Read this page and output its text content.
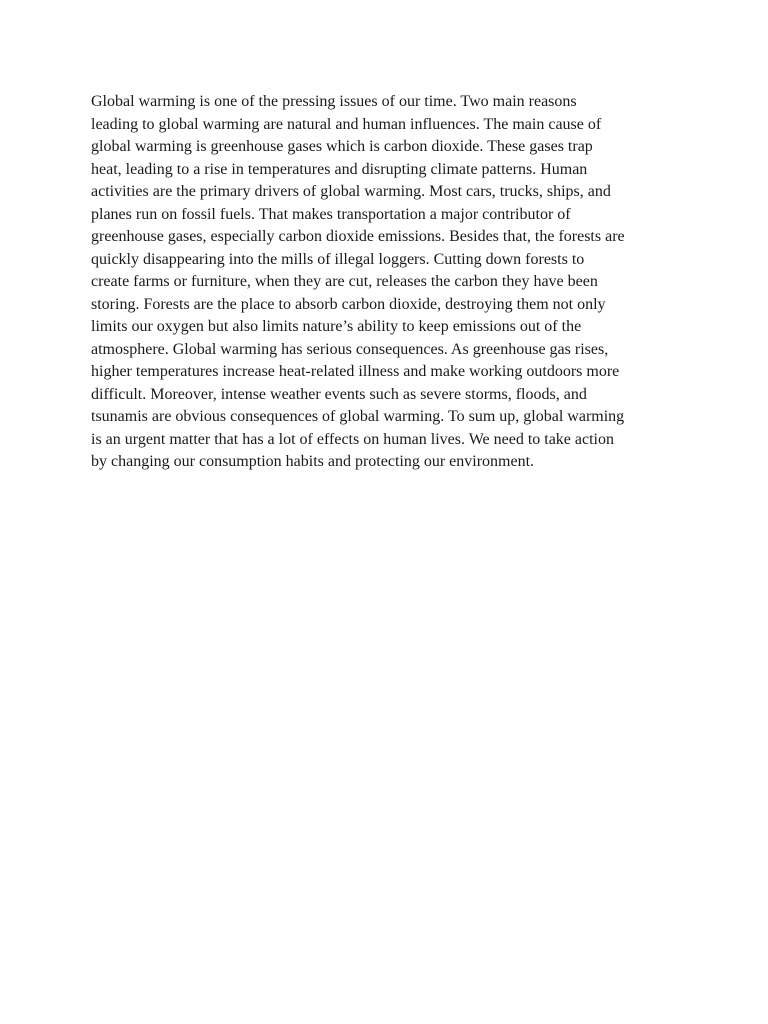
Global warming is one of the pressing issues of our time. Two main reasons
leading to global warming are natural and human influences. The main cause of
global warming is greenhouse gases which is carbon dioxide. These gases trap
heat, leading to a rise in temperatures and disrupting climate patterns. Human
activities are the primary drivers of global warming. Most cars, trucks, ships, and
planes run on fossil fuels. That makes transportation a major contributor of
greenhouse gases, especially carbon dioxide emissions. Besides that, the forests are
quickly disappearing into the mills of illegal loggers. Cutting down forests to
create farms or furniture, when they are cut, releases the carbon they have been
storing. Forests are the place to absorb carbon dioxide, destroying them not only
limits our oxygen but also limits nature’s ability to keep emissions out of the
atmosphere. Global warming has serious consequences. As greenhouse gas rises,
higher temperatures increase heat-related illness and make working outdoors more
difficult. Moreover, intense weather events such as severe storms, floods, and
tsunamis are obvious consequences of global warming. To sum up, global warming
is an urgent matter that has a lot of effects on human lives. We need to take action
by changing our consumption habits and protecting our environment.
